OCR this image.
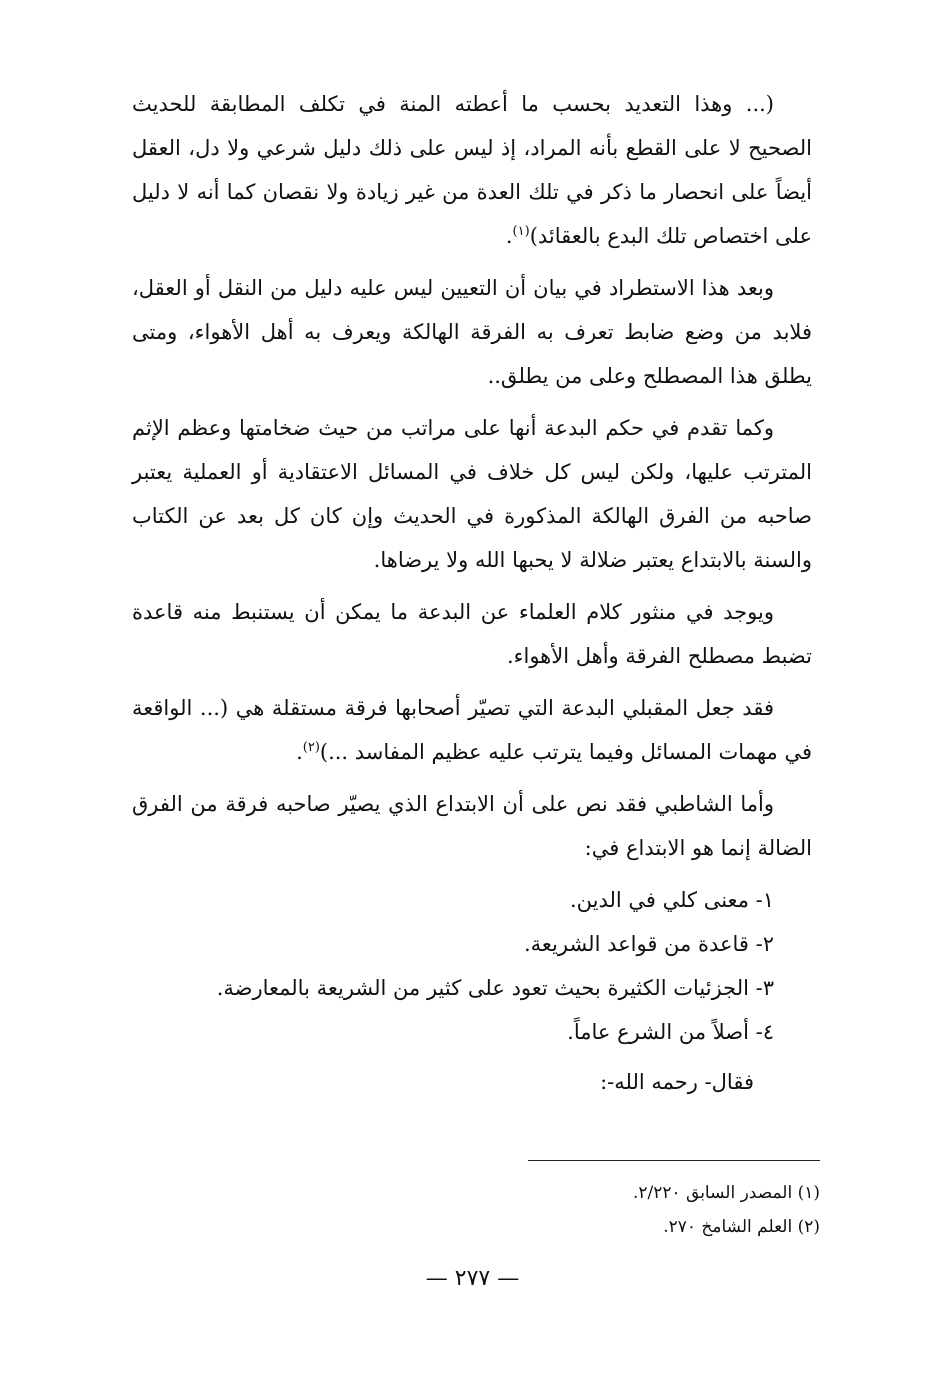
(... وهذا التعديد بحسب ما أعطته المنة في تكلف المطابقة للحديث الصحيح لا على القطع بأنه المراد، إذ ليس على ذلك دليل شرعي ولا دل، العقل أيضاً على انحصار ما ذكر في تلك العدة من غير زيادة ولا نقصان كما أنه لا دليل على اختصاص تلك البدع بالعقائد)$^{(١)}$.

وبعد هذا الاستطراد في بيان أن التعيين ليس عليه دليل من النقل أو العقل، فلابد من وضع ضابط تعرف به الفرقة الهالكة ويعرف به أهل الأهواء، ومتى يطلق هذا المصطلح وعلى من يطلق..

وكما تقدم في حكم البدعة أنها على مراتب من حيث ضخامتها وعظم الإثم المترتب عليها، ولكن ليس كل خلاف في المسائل الاعتقادية أو العملية يعتبر صاحبه من الفرق الهالكة المذكورة في الحديث وإن كان كل بعد عن الكتاب والسنة بالابتداع يعتبر ضلالة لا يحبها الله ولا يرضاها.

ويوجد في منثور كلام العلماء عن البدعة ما يمكن أن يستنبط منه قاعدة تضبط مصطلح الفرقة وأهل الأهواء.

فقد جعل المقبلي البدعة التي تصيّر أصحابها فرقة مستقلة هي (... الواقعة في مهمات المسائل وفيما يترتب عليه عظيم المفاسد ...)$^{(٢)}$.

وأما الشاطبي فقد نص على أن الابتداع الذي يصيّر صاحبه فرقة من الفرق الضالة إنما هو الابتداع في:

١- معنى كلي في الدين.
٢- قاعدة من قواعد الشريعة.
٣- الجزئيات الكثيرة بحيث تعود على كثير من الشريعة بالمعارضة.
٤- أصلاً من الشرع عاماً.

فقال- رحمه الله-:

(١) المصدر السابق ٢/٢٢٠.

(٢) العلم الشامخ ٢٧٠.

— ٢٧٧ —
